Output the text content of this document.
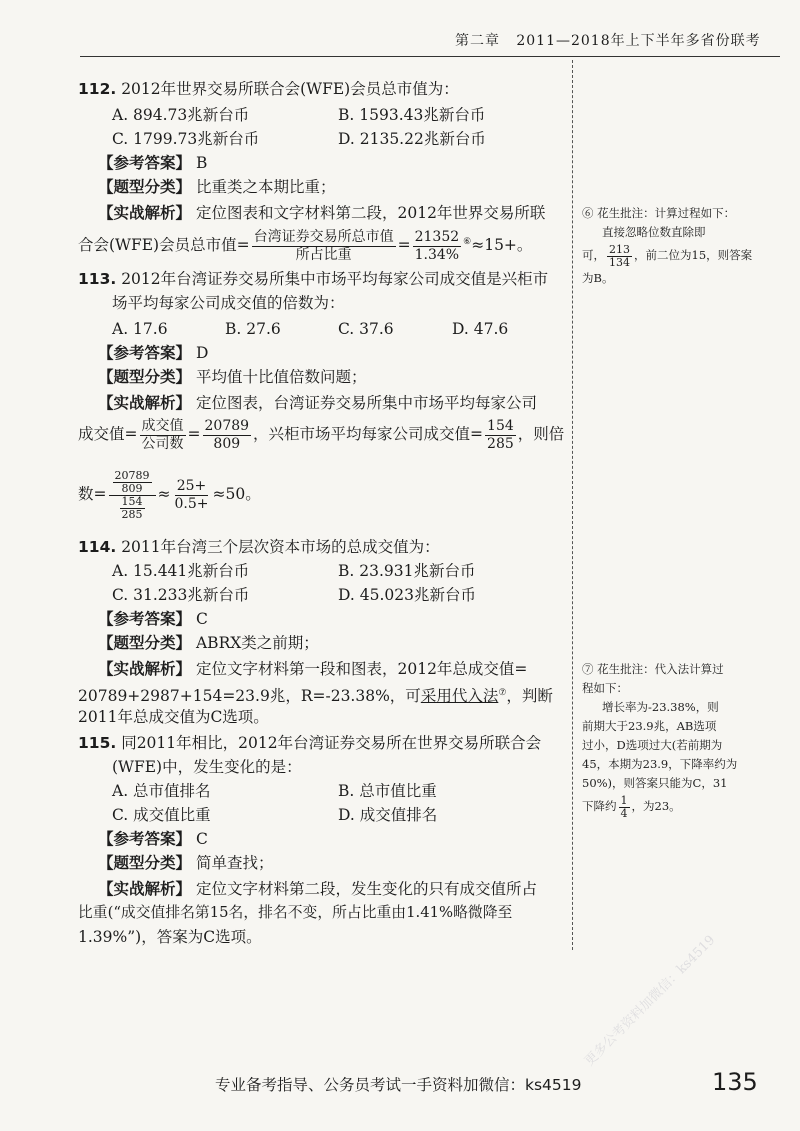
第二章 2011—2018年上下半年多省份联考
112. 2012年世界交易所联合会(WFE)会员总市值为：
A. 894.73兆新台币	B. 1593.43兆新台币
C. 1799.73兆新台币	D. 2135.22兆新台币
【 参考答案 】 B
【 题型分类 】 比重类之本期比重；
【 实战解析 】 定位图表和文字材料第二段，2012年世界交易所联
合会(WFE)会员总市值= $\frac{\text{台湾证券交易所总市值}}{\text{所占比重}} = \frac{21352}{1.34\%} ^⑥\approx 15+$。
113. 2012年台湾证券交易所集中市场平均每家公司成交值是兴柜市
场平均每家公司成交值的倍数为：
A. 17.6	B. 27.6	C. 37.6	D. 47.6
【 参考答案 】 D
【 题型分类 】 平均值十比值倍数问题；
【 实战解析 】 定位图表，台湾证券交易所集中市场平均每家公司
成交值= $\frac{\text{成交值}}{\text{公司数}} = \frac{20789}{809}$ ，兴柜市场平均每家公司成交值= $\frac{154}{285}$ ，则倍
数= $\frac{\frac{20789}{809}}{\frac{154}{285}} \approx \frac{25+}{0.5+} \approx 50$。
114. 2011年台湾三个层次资本市场的总成交值为：
A. 15.441兆新台币	B. 23.931兆新台币
C. 31.233兆新台币	D. 45.023兆新台币
【 参考答案 】 C
【 题型分类 】 ABRX类之前期；
【 实战解析 】 定位文字材料第一段和图表，2012年总成交值=
20789+2987+154=23.9兆，R=-23.38%，可采用代入法⑦，判断
2011年总成交值为C选项。
115. 同2011年相比，2012年台湾证券交易所在世界交易所联合会
(WFE)中，发生变化的是：
A. 总市值排名	B. 总市值比重
C. 成交值比重	D. 成交值排名
【 参考答案 】 C
【 题型分类 】 简单查找；
【 实战解析 】 定位文字材料第二段，发生变化的只有成交值所占
比重(“成交值排名第15名，排名不变，所占比重由1.41%略微降至
1.39%”)，答案为C选项。

⑥ 花生批注：计算过程如下：

直接忽略位数直除即

可， $\frac{213}{134}$ ，前二位为15，则答案

为B。

⑦ 花生批注：代入法计算过

程如下：

增长率为-23.38%，则

前期大于23.9兆，AB选项

过小，D选项过大(若前期为

45，本期为23.9，下降率约为

50%)，则答案只能为C，31

下降约 $\frac{1}{4}$ ，为23。

更多公考资料加微信：ks4519
专业备考指导、公务员考试一手资料加微信：ks4519	135
